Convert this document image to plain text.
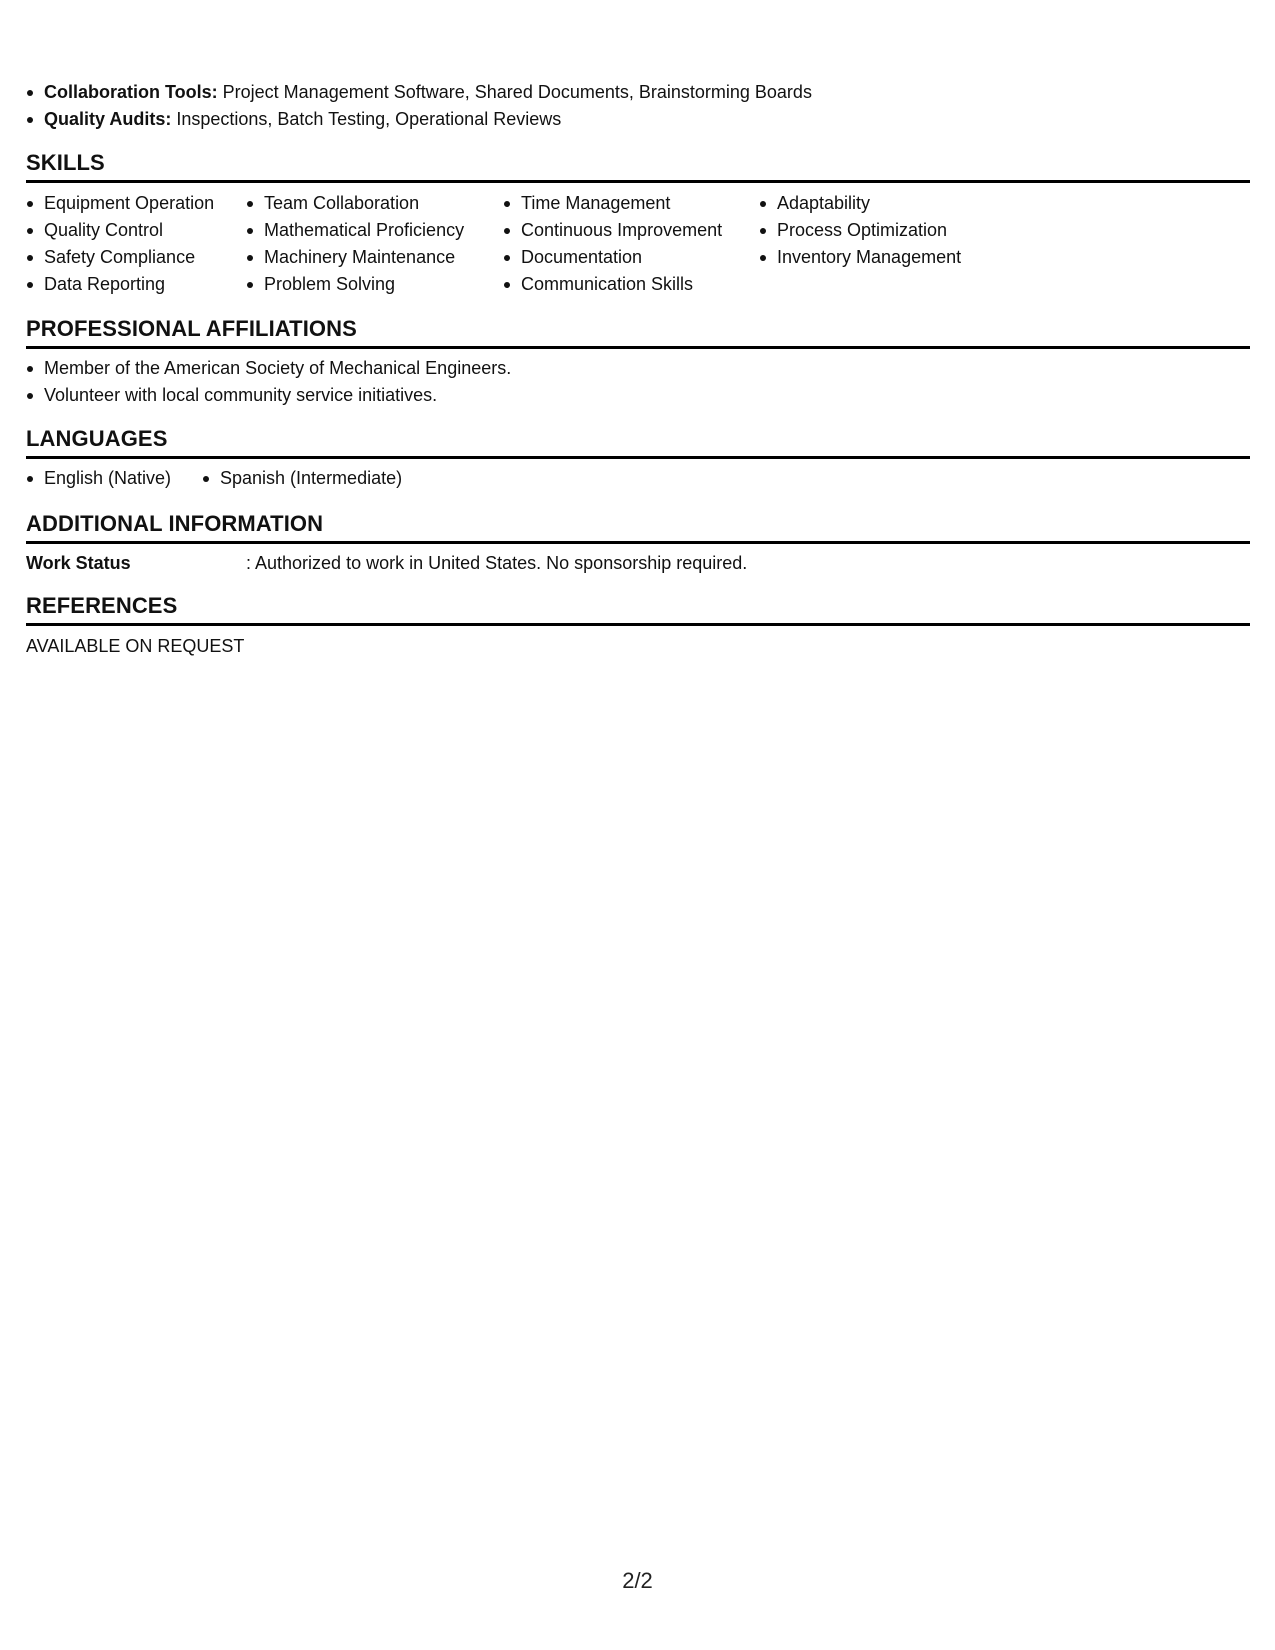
Collaboration Tools: Project Management Software, Shared Documents, Brainstorming Boards
Quality Audits: Inspections, Batch Testing, Operational Reviews
SKILLS
Equipment Operation
Quality Control
Safety Compliance
Data Reporting
Team Collaboration
Mathematical Proficiency
Machinery Maintenance
Problem Solving
Time Management
Continuous Improvement
Documentation
Communication Skills
Adaptability
Process Optimization
Inventory Management
PROFESSIONAL AFFILIATIONS
Member of the American Society of Mechanical Engineers.
Volunteer with local community service initiatives.
LANGUAGES
English (Native)	Spanish (Intermediate)
ADDITIONAL INFORMATION
Work Status	: Authorized to work in United States. No sponsorship required.
REFERENCES
AVAILABLE ON REQUEST
2/2
